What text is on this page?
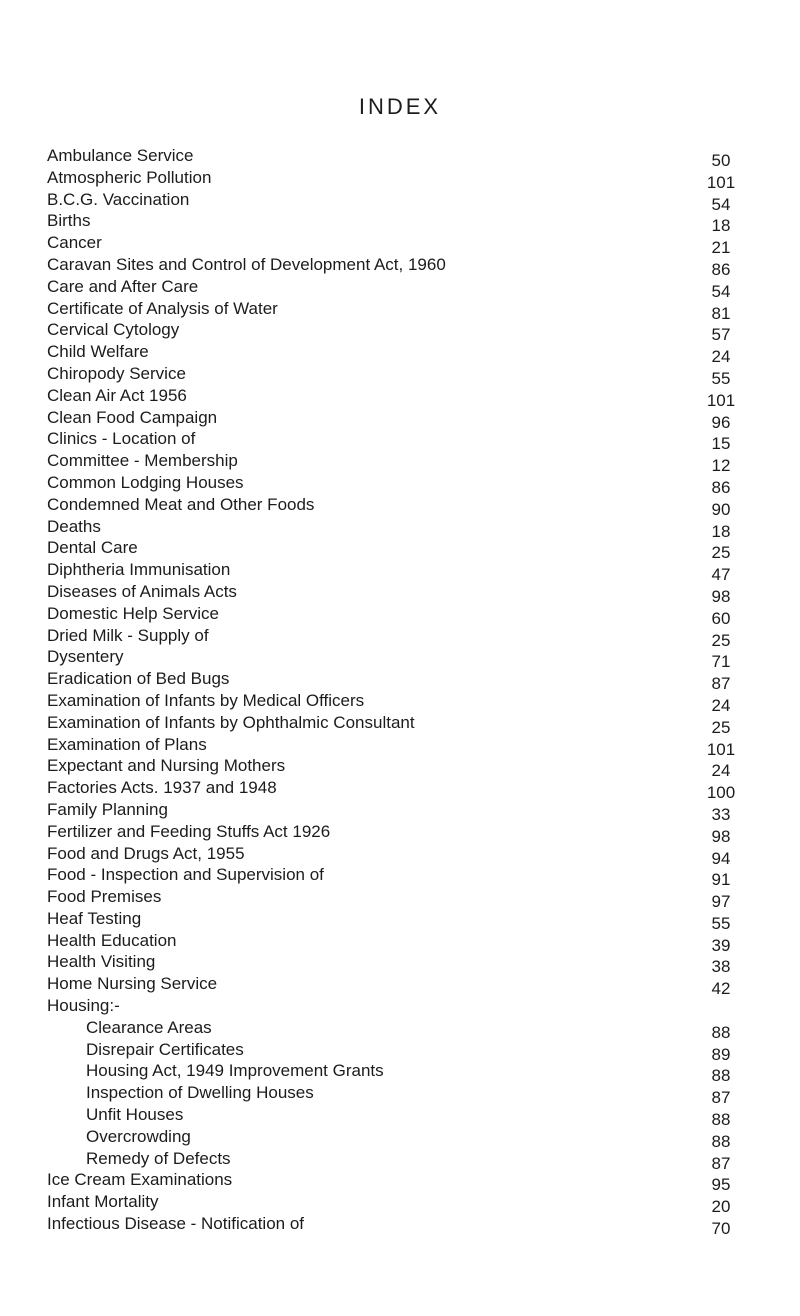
INDEX
Ambulance Service	50
Atmospheric Pollution	101
B.C.G. Vaccination	54
Births	18
Cancer	21
Caravan Sites and Control of Development Act, 1960	86
Care and After Care	54
Certificate of Analysis of Water	81
Cervical Cytology	57
Child Welfare	24
Chiropody Service	55
Clean Air Act 1956	101
Clean Food Campaign	96
Clinics - Location of	15
Committee - Membership	12
Common Lodging Houses	86
Condemned Meat and Other Foods	90
Deaths	18
Dental Care	25
Diphtheria Immunisation	47
Diseases of Animals Acts	98
Domestic Help Service	60
Dried Milk - Supply of	25
Dysentery	71
Eradication of Bed Bugs	87
Examination of Infants by Medical Officers	24
Examination of Infants by Ophthalmic Consultant	25
Examination of Plans	101
Expectant and Nursing Mothers	24
Factories Acts. 1937 and 1948	100
Family Planning	33
Fertilizer and Feeding Stuffs Act 1926	98
Food and Drugs Act, 1955	94
Food - Inspection and Supervision of	91
Food Premises	97
Heaf Testing	55
Health Education	39
Health Visiting	38
Home Nursing Service	42
Housing:-
Clearance Areas	88
Disrepair Certificates	89
Housing Act, 1949 Improvement Grants	88
Inspection of Dwelling Houses	87
Unfit Houses	88
Overcrowding	88
Remedy of Defects	87
Ice Cream Examinations	95
Infant Mortality	20
Infectious Disease - Notification of	70
